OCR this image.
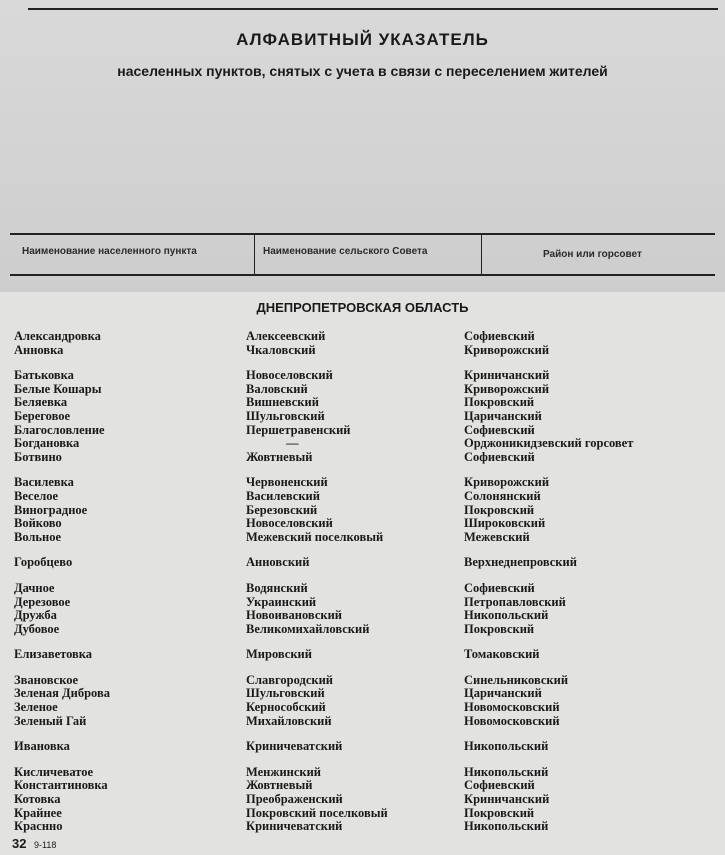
АЛФАВИТНЫЙ УКАЗАТЕЛЬ
населенных пунктов, снятых с учета в связи с переселением жителей
Наименование населенного пункта	Наименование сельского Совета	Район или горсовет
ДНЕПРОПЕТРОВСКАЯ ОБЛАСТЬ
Александровка
Анновка
Батьковка
Белые Кошары
Беляевка
Береговое
Благословление
Богдановка
Ботвино
Василевка
Веселое
Виноградное
Войково
Вольное
Горобцево
Дачное
Дерезовое
Дружба
Дубовое
Елизаветовка
Звановское
Зеленая Диброва
Зеленое
Зеленый Гай
Ивановка
Кисличеватое
Константиновка
Котовка
Крайнее
Краснно
Алексеевский
Чкаловский
Новоселовский
Валовский
Вишневский
Шульговский
Першетравенский
—
Жовтневый
Червоненский
Василевский
Березовский
Новоселовский
Межевский поселковый
Анновский
Водянский
Украинский
Новоивановский
Великомихайловский
Мировский
Славгородский
Шульговский
Кернособский
Михайловский
Криничеватский
Менжинский
Жовтневый
Преображенский
Покровский поселковый
Криничеватский
Софиевский
Криворожский
Криничанский
Криворожский
Покровский
Царичанский
Софиевский
Орджоникидзевский горсовет
Софиевский
Криворожский
Солонянский
Покровский
Широковский
Межевский
Верхнеднепровский
Софиевский
Петропавловский
Никопольский
Покровский
Томаковский
Синельниковский
Царичанский
Новомосковский
Новомосковский
Никопольский
Никопольский
Софиевский
Криничанский
Покровский
Никопольский
32 9-118
